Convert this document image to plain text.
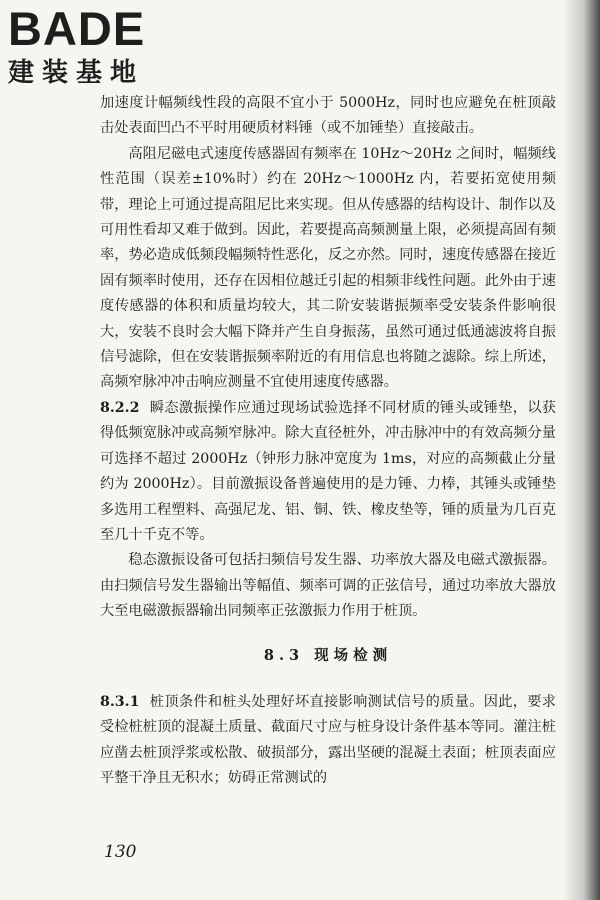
BADE
建装基地

加速度计幅频线性段的高限不宜小于 5000Hz，同时也应避免在桩顶敲击处表面凹凸不平时用硬质材料锤（或不加锤垫）直接敲击。

高阻尼磁电式速度传感器固有频率在 10Hz～20Hz 之间时，幅频线性范围（误差±10%时）约在 20Hz～1000Hz 内，若要拓宽使用频带，理论上可通过提高阻尼比来实现。但从传感器的结构设计、制作以及可用性看却又难于做到。因此，若要提高高频测量上限，必须提高固有频率，势必造成低频段幅频特性恶化，反之亦然。同时，速度传感器在接近固有频率时使用，还存在因相位越迁引起的相频非线性问题。此外由于速度传感器的体积和质量均较大，其二阶安装谐振频率受安装条件影响很大，安装不良时会大幅下降并产生自身振荡，虽然可通过低通滤波将自振信号滤除，但在安装谐振频率附近的有用信息也将随之滤除。综上所述，高频窄脉冲冲击响应测量不宜使用速度传感器。

8.2.2 瞬态激振操作应通过现场试验选择不同材质的锤头或锤垫，以获得低频宽脉冲或高频窄脉冲。除大直径桩外，冲击脉冲中的有效高频分量可选择不超过 2000Hz（钟形力脉冲宽度为 1ms，对应的高频截止分量约为 2000Hz）。目前激振设备普遍使用的是力锤、力棒，其锤头或锤垫多选用工程塑料、高强尼龙、铝、铜、铁、橡皮垫等，锤的质量为几百克至几十千克不等。

稳态激振设备可包括扫频信号发生器、功率放大器及电磁式激振器。由扫频信号发生器输出等幅值、频率可调的正弦信号，通过功率放大器放大至电磁激振器输出同频率正弦激振力作用于桩顶。

8.3 现场检测

8.3.1 桩顶条件和桩头处理好坏直接影响测试信号的质量。因此，要求受检桩桩顶的混凝土质量、截面尺寸应与桩身设计条件基本等同。灌注桩应凿去桩顶浮浆或松散、破损部分，露出坚硬的混凝土表面；桩顶表面应平整干净且无积水；妨碍正常测试的

130
